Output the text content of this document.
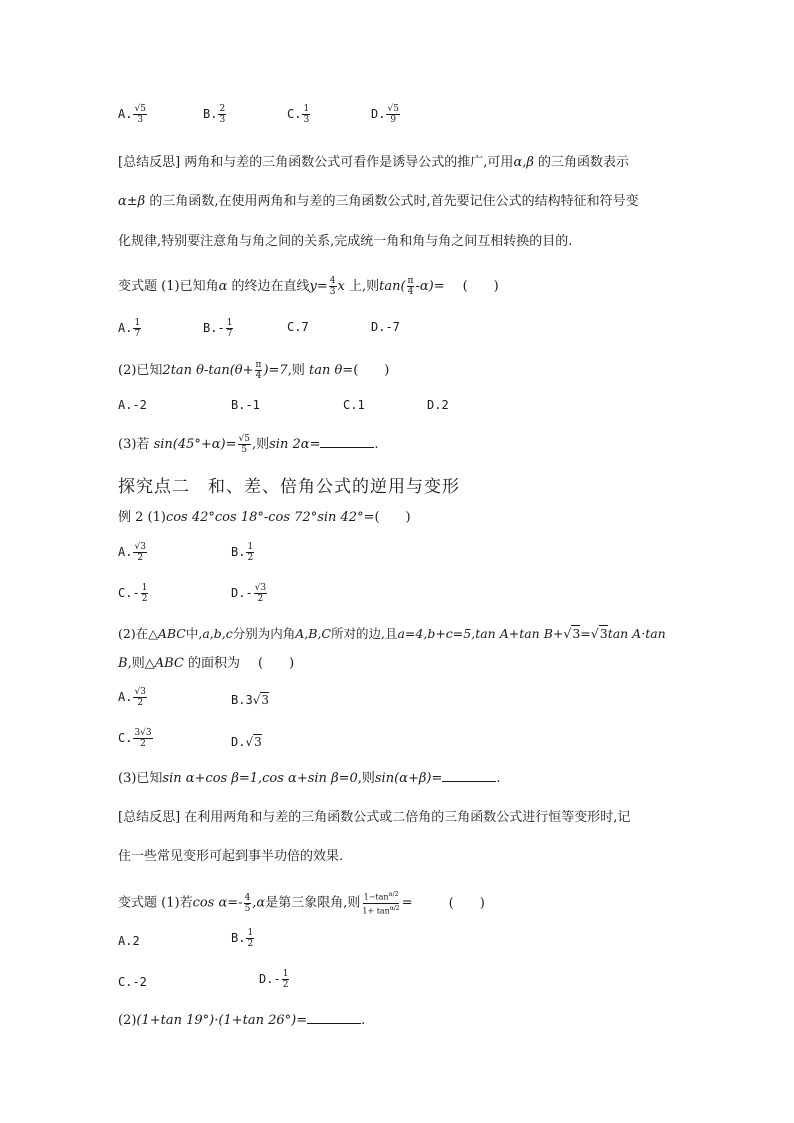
A. $\frac{√5}{3}$	B. $\frac{2}{3}$	C. $\frac{1}{3}$	D. $\frac{√5}{9}$
[总结反思] 两角和与差的三角函数公式可看作是诱导公式的推广,可用α,β 的三角函数表示
α±β 的三角函数,在使用两角和与差的三角函数公式时,首先要记住公式的结构特征和符号变
化规律,特别要注意角与角之间的关系,完成统一角和角与角之间互相转换的目的.
变式题 (1)已知角α 的终边在直线$y= \frac{4}{3}$ x 上,则$\tan( \frac{\pi}{4} -\alpha)=$ (　　)
A. $\frac{1}{7}$	$B.- \frac{1}{7}$	C.7	D.-7
(2)已知2tan $\theta-\tan(\theta+ \frac{\pi}{4} )=7$,则 tan θ=(　　)
A.-2	B.-1	C.1	D.2
(3)若 $\sin(45^\circ+\alpha)= \frac{√5}{5}$ ,则sin 2α=	.
探究点二　和、差、倍角公式的逆用与变形
例 2 (1)cos 42°cos 18°-cos 72°sin 42°=(　　)
A. $\frac{√3}{2}$	B. $\frac{1}{2}$
$C.- \frac{1}{2}$	$D.- \frac{√3}{2}$
(2)在△ABC中,a,b,c分别为内角A,B,C所对的边,且a=4,b+c=5,tan A+tan B+√3=√3tan A·tan
B,则△ABC 的面积为 (　　)
A. $\frac{√3}{2}$	B.3√3
C. $\frac{3√3}{2}$	D.√3
(3)已知sin α+cos β=1,cos α+sin β=0,则sin(α+β)=	.
[总结反思] 在利用两角和与差的三角函数公式或二倍角的三角函数公式进行恒等变形时,记
住一些常见变形可起到事半功倍的效果.
变式题 (1)若$\cos \alpha=- \frac{4}{5} ,\alpha$是第三象限角,则 $\frac{1-\tan^{\alpha/2}}{1+ \tan^{\alpha/2}}$ =	(　　)
A.2	B. $\frac{1}{2}$
C.-2	$D.- \frac{1}{2}$
(2)(1+tan 19°)·(1+tan 26°)=	.
